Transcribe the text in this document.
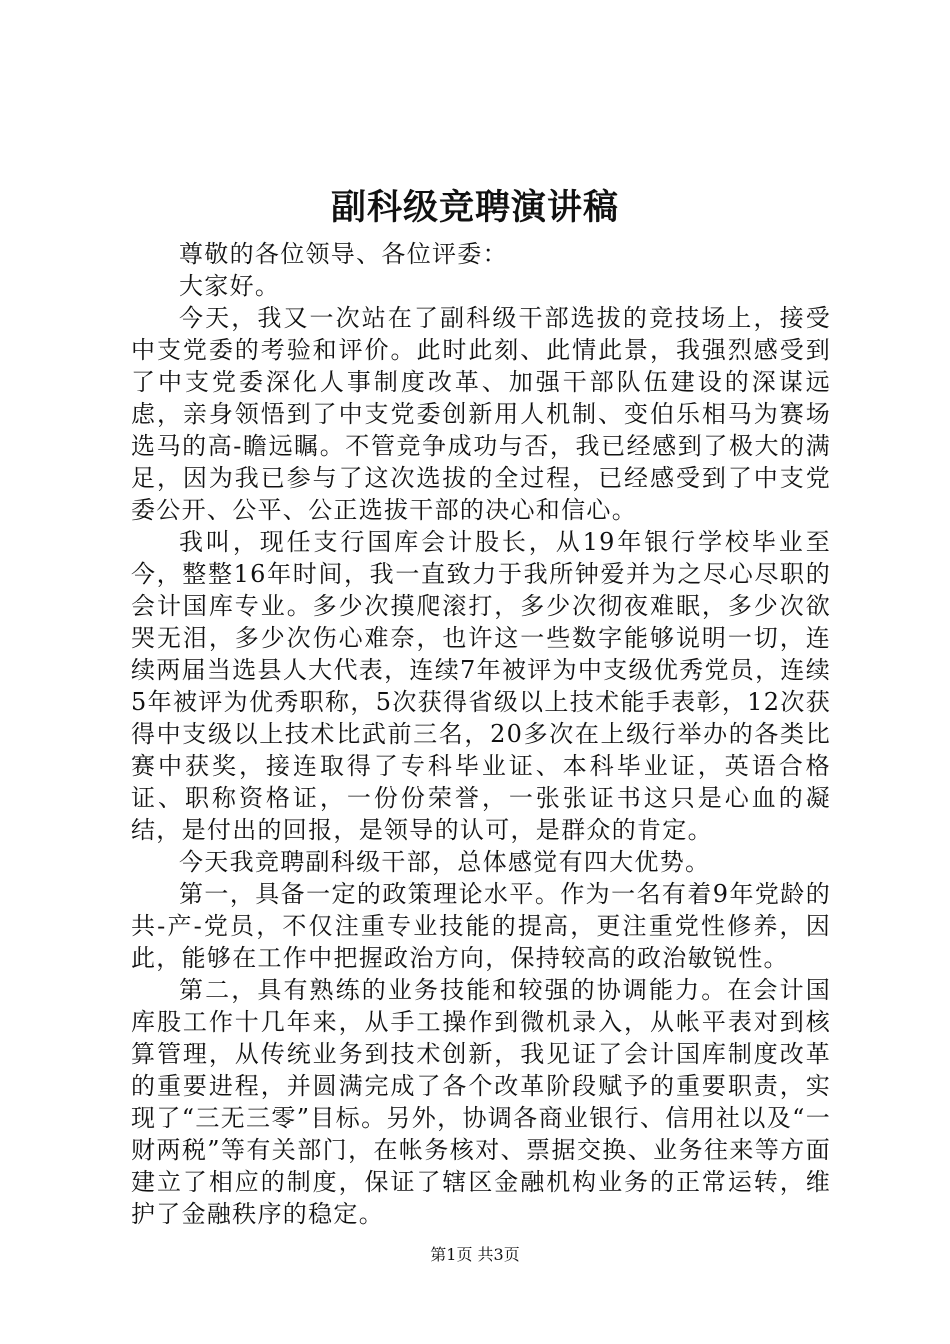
副科级竞聘演讲稿

尊敬的各位领导、各位评委：

大家好。

今天，我又一次站在了副科级干部选拔的竞技场上，接受中支党委的考验和评价。此时此刻、此情此景，我强烈感受到了中支党委深化人事制度改革、加强干部队伍建设的深谋远虑，亲身领悟到了中支党委创新用人机制、变伯乐相马为赛场选马的高-瞻远瞩。不管竞争成功与否，我已经感到了极大的满足，因为我已参与了这次选拔的全过程，已经感受到了中支党委公开、公平、公正选拔干部的决心和信心。

我叫，现任支行国库会计股长，从19年银行学校毕业至今，整整16年时间，我一直致力于我所钟爱并为之尽心尽职的会计国库专业。多少次摸爬滚打，多少次彻夜难眠，多少次欲哭无泪，多少次伤心难奈，也许这一些数字能够说明一切，连续两届当选县人大代表，连续7年被评为中支级优秀党员，连续5年被评为优秀职称，5次获得省级以上技术能手表彰，12次获得中支级以上技术比武前三名，20多次在上级行举办的各类比赛中获奖，接连取得了专科毕业证、本科毕业证，英语合格证、职称资格证，一份份荣誉，一张张证书这只是心血的凝结，是付出的回报，是领导的认可，是群众的肯定。

今天我竞聘副科级干部，总体感觉有四大优势。

第一，具备一定的政策理论水平。作为一名有着9年党龄的共-产-党员，不仅注重专业技能的提高，更注重党性修养，因此，能够在工作中把握政治方向，保持较高的政治敏锐性。

第二，具有熟练的业务技能和较强的协调能力。在会计国库股工作十几年来，从手工操作到微机录入，从帐平表对到核算管理，从传统业务到技术创新，我见证了会计国库制度改革的重要进程，并圆满完成了各个改革阶段赋予的重要职责，实现了“三无三零”目标。另外，协调各商业银行、信用社以及“一财两税”等有关部门，在帐务核对、票据交换、业务往来等方面建立了相应的制度，保证了辖区金融机构业务的正常运转，维护了金融秩序的稳定。

第1页 共3页
